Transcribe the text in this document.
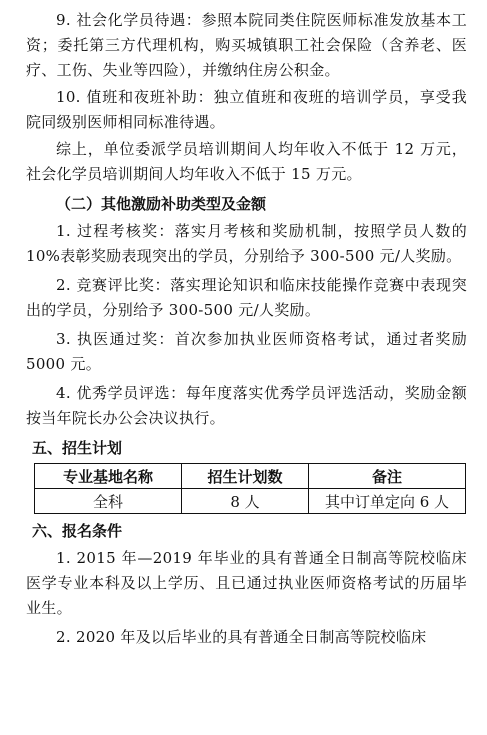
9. 社会化学员待遇：参照本院同类住院医师标准发放基本工资；委托第三方代理机构，购买城镇职工社会保险（含养老、医疗、工伤、失业等四险），并缴纳住房公积金。

10. 值班和夜班补助：独立值班和夜班的培训学员，享受我院同级别医师相同标准待遇。

综上，单位委派学员培训期间人均年收入不低于 12 万元，社会化学员培训期间人均年收入不低于 15 万元。

（二）其他激励补助类型及金额

1. 过程考核奖：落实月考核和奖励机制，按照学员人数的 10%表彰奖励表现突出的学员，分别给予 300-500 元/人奖励。

2. 竞赛评比奖：落实理论知识和临床技能操作竞赛中表现突出的学员，分别给予 300-500 元/人奖励。

3. 执医通过奖：首次参加执业医师资格考试，通过者奖励 5000 元。

4. 优秀学员评选：每年度落实优秀学员评选活动，奖励金额按当年院长办公会决议执行。

五、招生计划
专业基地名称	招生计划数	备注
全科	8 人	其中订单定向 6 人
六、报名条件

1. 2015 年—2019 年毕业的具有普通全日制高等院校临床医学专业本科及以上学历、且已通过执业医师资格考试的历届毕业生。

2. 2020 年及以后毕业的具有普通全日制高等院校临床
